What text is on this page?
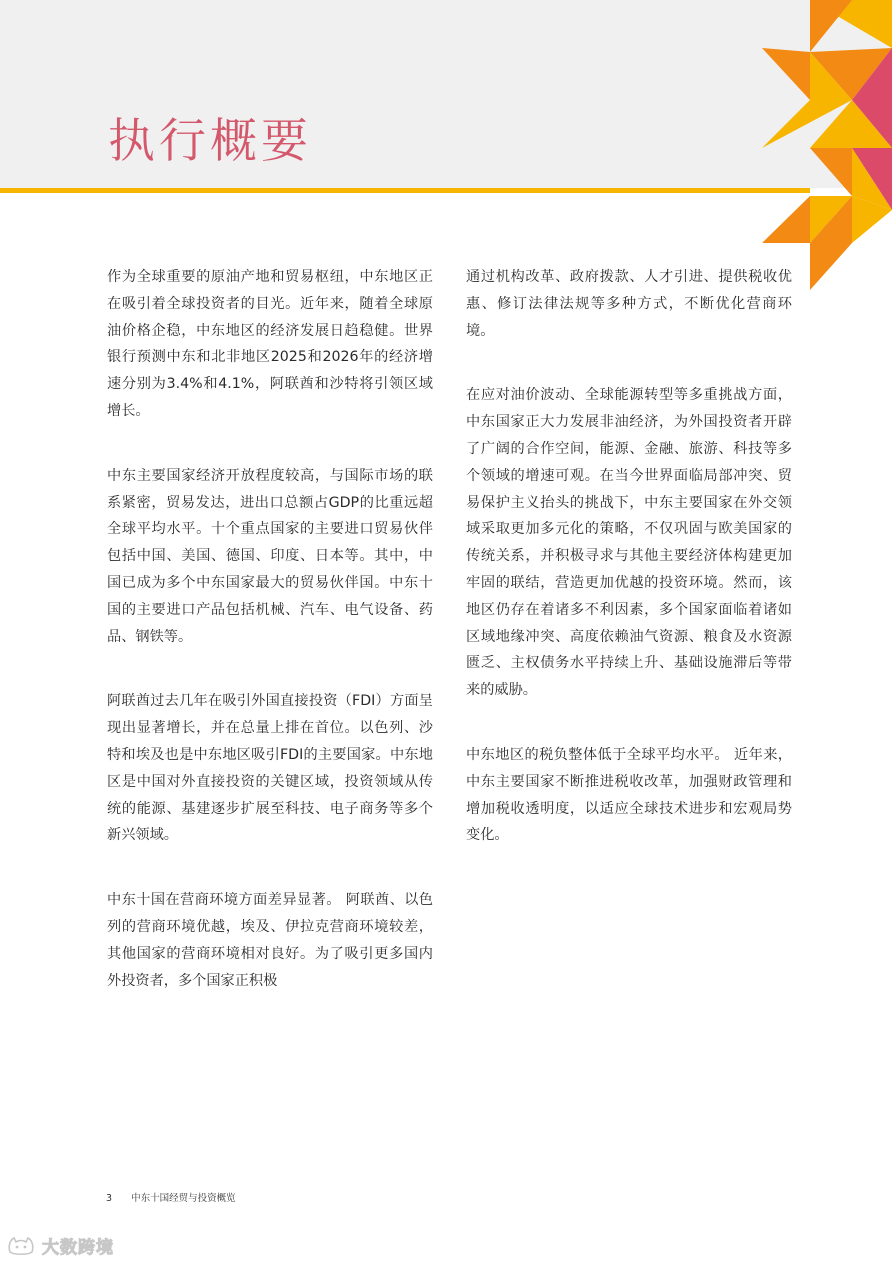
执行概要

作为全球重要的原油产地和贸易枢纽，中东地区正在吸引着全球投资者的目光。近年来，随着全球原油价格企稳，中东地区的经济发展日趋稳健。世界银行预测中东和北非地区2025和2026年的经济增速分别为3.4%和4.1%，阿联酋和沙特将引领区域增长。

中东主要国家经济开放程度较高，与国际市场的联系紧密，贸易发达，进出口总额占GDP的比重远超全球平均水平。十个重点国家的主要进口贸易伙伴包括中国、美国、德国、印度、日本等。其中，中国已成为多个中东国家最大的贸易伙伴国。中东十国的主要进口产品包括机械、汽车、电气设备、药品、钢铁等。

阿联酋过去几年在吸引外国直接投资（FDI）方面呈现出显著增长，并在总量上排在首位。以色列、沙特和埃及也是中东地区吸引FDI的主要国家。中东地区是中国对外直接投资的关键区域，投资领域从传统的能源、基建逐步扩展至科技、电子商务等多个新兴领域。

中东十国在营商环境方面差异显著。 阿联酋、以色列的营商环境优越，埃及、伊拉克营商环境较差，其他国家的营商环境相对良好。为了吸引更多国内外投资者，多个国家正积极

通过机构改革、政府拨款、人才引进、提供税收优惠、修订法律法规等多种方式，不断优化营商环境。

在应对油价波动、全球能源转型等多重挑战方面，中东国家正大力发展非油经济，为外国投资者开辟了广阔的合作空间，能源、金融、旅游、科技等多个领域的增速可观。在当今世界面临局部冲突、贸易保护主义抬头的挑战下，中东主要国家在外交领域采取更加多元化的策略，不仅巩固与欧美国家的传统关系，并积极寻求与其他主要经济体构建更加牢固的联结，营造更加优越的投资环境。然而，该地区仍存在着诸多不利因素，多个国家面临着诸如区域地缘冲突、高度依赖油气资源、粮食及水资源匮乏、主权债务水平持续上升、基础设施滞后等带来的威胁。

中东地区的税负整体低于全球平均水平。 近年来，中东主要国家不断推进税收改革，加强财政管理和增加税收透明度，以适应全球技术进步和宏观局势变化。

3 中东十国经贸与投资概览
大数跨境
